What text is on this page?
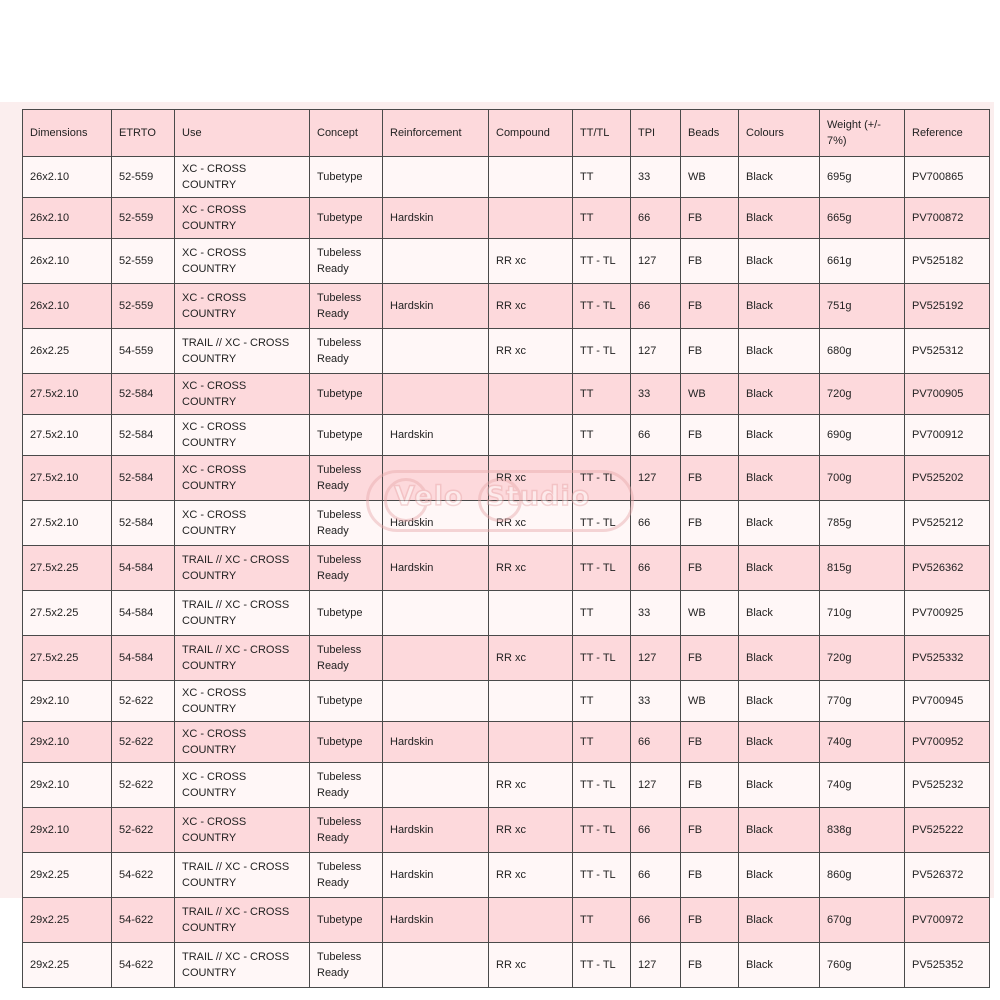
Dimensions	ETRTO	Use	Concept	Reinforcement	Compound	TT/TL	TPI	Beads	Colours	Weight (+/- 7%)	Reference
26x2.10	52-559	XC - CROSS COUNTRY	Tubetype			TT	33	WB	Black	695g	PV700865
26x2.10	52-559	XC - CROSS COUNTRY	Tubetype	Hardskin		TT	66	FB	Black	665g	PV700872
26x2.10	52-559	XC - CROSS COUNTRY	Tubeless Ready		RR xc	TT - TL	127	FB	Black	661g	PV525182
26x2.10	52-559	XC - CROSS COUNTRY	Tubeless Ready	Hardskin	RR xc	TT - TL	66	FB	Black	751g	PV525192
26x2.25	54-559	TRAIL // XC - CROSS COUNTRY	Tubeless Ready		RR xc	TT - TL	127	FB	Black	680g	PV525312
27.5x2.10	52-584	XC - CROSS COUNTRY	Tubetype			TT	33	WB	Black	720g	PV700905
27.5x2.10	52-584	XC - CROSS COUNTRY	Tubetype	Hardskin		TT	66	FB	Black	690g	PV700912
27.5x2.10	52-584	XC - CROSS COUNTRY	Tubeless Ready		RR xc	TT - TL	127	FB	Black	700g	PV525202
27.5x2.10	52-584	XC - CROSS COUNTRY	Tubeless Ready	Hardskin	RR xc	TT - TL	66	FB	Black	785g	PV525212
27.5x2.25	54-584	TRAIL // XC - CROSS COUNTRY	Tubeless Ready	Hardskin	RR xc	TT - TL	66	FB	Black	815g	PV526362
27.5x2.25	54-584	TRAIL // XC - CROSS COUNTRY	Tubetype			TT	33	WB	Black	710g	PV700925
27.5x2.25	54-584	TRAIL // XC - CROSS COUNTRY	Tubeless Ready		RR xc	TT - TL	127	FB	Black	720g	PV525332
29x2.10	52-622	XC - CROSS COUNTRY	Tubetype			TT	33	WB	Black	770g	PV700945
29x2.10	52-622	XC - CROSS COUNTRY	Tubetype	Hardskin		TT	66	FB	Black	740g	PV700952
29x2.10	52-622	XC - CROSS COUNTRY	Tubeless Ready		RR xc	TT - TL	127	FB	Black	740g	PV525232
29x2.10	52-622	XC - CROSS COUNTRY	Tubeless Ready	Hardskin	RR xc	TT - TL	66	FB	Black	838g	PV525222
29x2.25	54-622	TRAIL // XC - CROSS COUNTRY	Tubeless Ready	Hardskin	RR xc	TT - TL	66	FB	Black	860g	PV526372
29x2.25	54-622	TRAIL // XC - CROSS COUNTRY	Tubetype	Hardskin		TT	66	FB	Black	670g	PV700972
29x2.25	54-622	TRAIL // XC - CROSS COUNTRY	Tubeless Ready		RR xc	TT - TL	127	FB	Black	760g	PV525352
Velo Studio
